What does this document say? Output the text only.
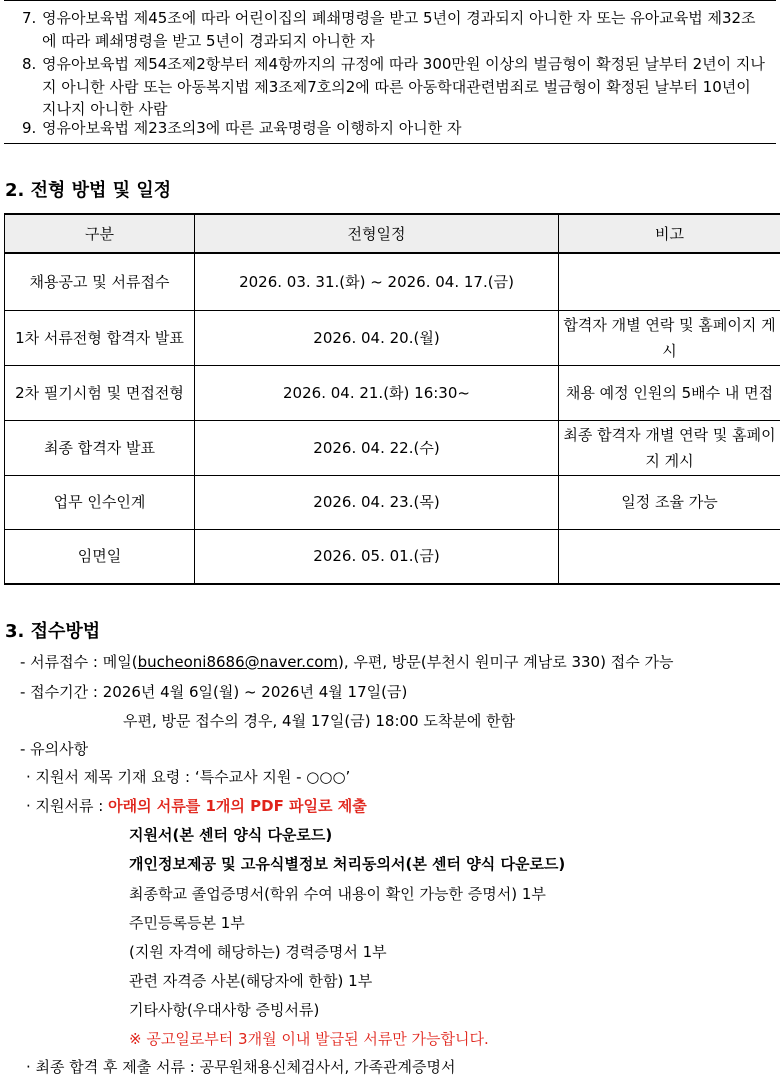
7. 영유아보육법 제45조에 따라 어린이집의 폐쇄명령을 받고 5년이 경과되지 아니한 자 또는 유아교육법 제32조에 따라 폐쇄명령을 받고 5년이 경과되지 아니한 자
8. 영유아보육법 제54조제2항부터 제4항까지의 규정에 따라 300만원 이상의 벌금형이 확정된 날부터 2년이 지나지 아니한 사람 또는 아동복지법 제3조제7호의2에 따른 아동학대관련범죄로 벌금형이 확정된 날부터 10년이 지나지 아니한 사람
9. 영유아보육법 제23조의3에 따른 교육명령을 이행하지 아니한 자
2. 전형 방법 및 일정
구분	전형일정	비고
채용공고 및 서류접수	2026. 03. 31.(화) ~ 2026. 04. 17.(금)	
1차 서류전형 합격자 발표	2026. 04. 20.(월)	합격자 개별 연락 및 홈페이지 게시
2차 필기시험 및 면접전형	2026. 04. 21.(화) 16:30~	채용 예정 인원의 5배수 내 면접
최종 합격자 발표	2026. 04. 22.(수)	최종 합격자 개별 연락 및 홈페이지 게시
업무 인수인계	2026. 04. 23.(목)	일정 조율 가능
임면일	2026. 05. 01.(금)	
3. 접수방법
- 서류접수 : 메일(bucheoni8686@naver.com), 우편, 방문(부천시 원미구 계남로 330) 접수 가능
- 접수기간 : 2026년 4월 6일(월) ~ 2026년 4월 17일(금)
우편, 방문 접수의 경우, 4월 17일(금) 18:00 도착분에 한함
- 유의사항
· 지원서 제목 기재 요령 : ‘특수교사 지원 - ○○○’
· 지원서류 : 아래의 서류를 1개의 PDF 파일로 제출
지원서(본 센터 양식 다운로드)
개인정보제공 및 고유식별정보 처리동의서(본 센터 양식 다운로드)
최종학교 졸업증명서(학위 수여 내용이 확인 가능한 증명서) 1부
주민등록등본 1부
(지원 자격에 해당하는) 경력증명서 1부
관련 자격증 사본(해당자에 한함) 1부
기타사항(우대사항 증빙서류)
※ 공고일로부터 3개월 이내 발급된 서류만 가능합니다.
· 최종 합격 후 제출 서류 : 공무원채용신체검사서, 가족관계증명서
